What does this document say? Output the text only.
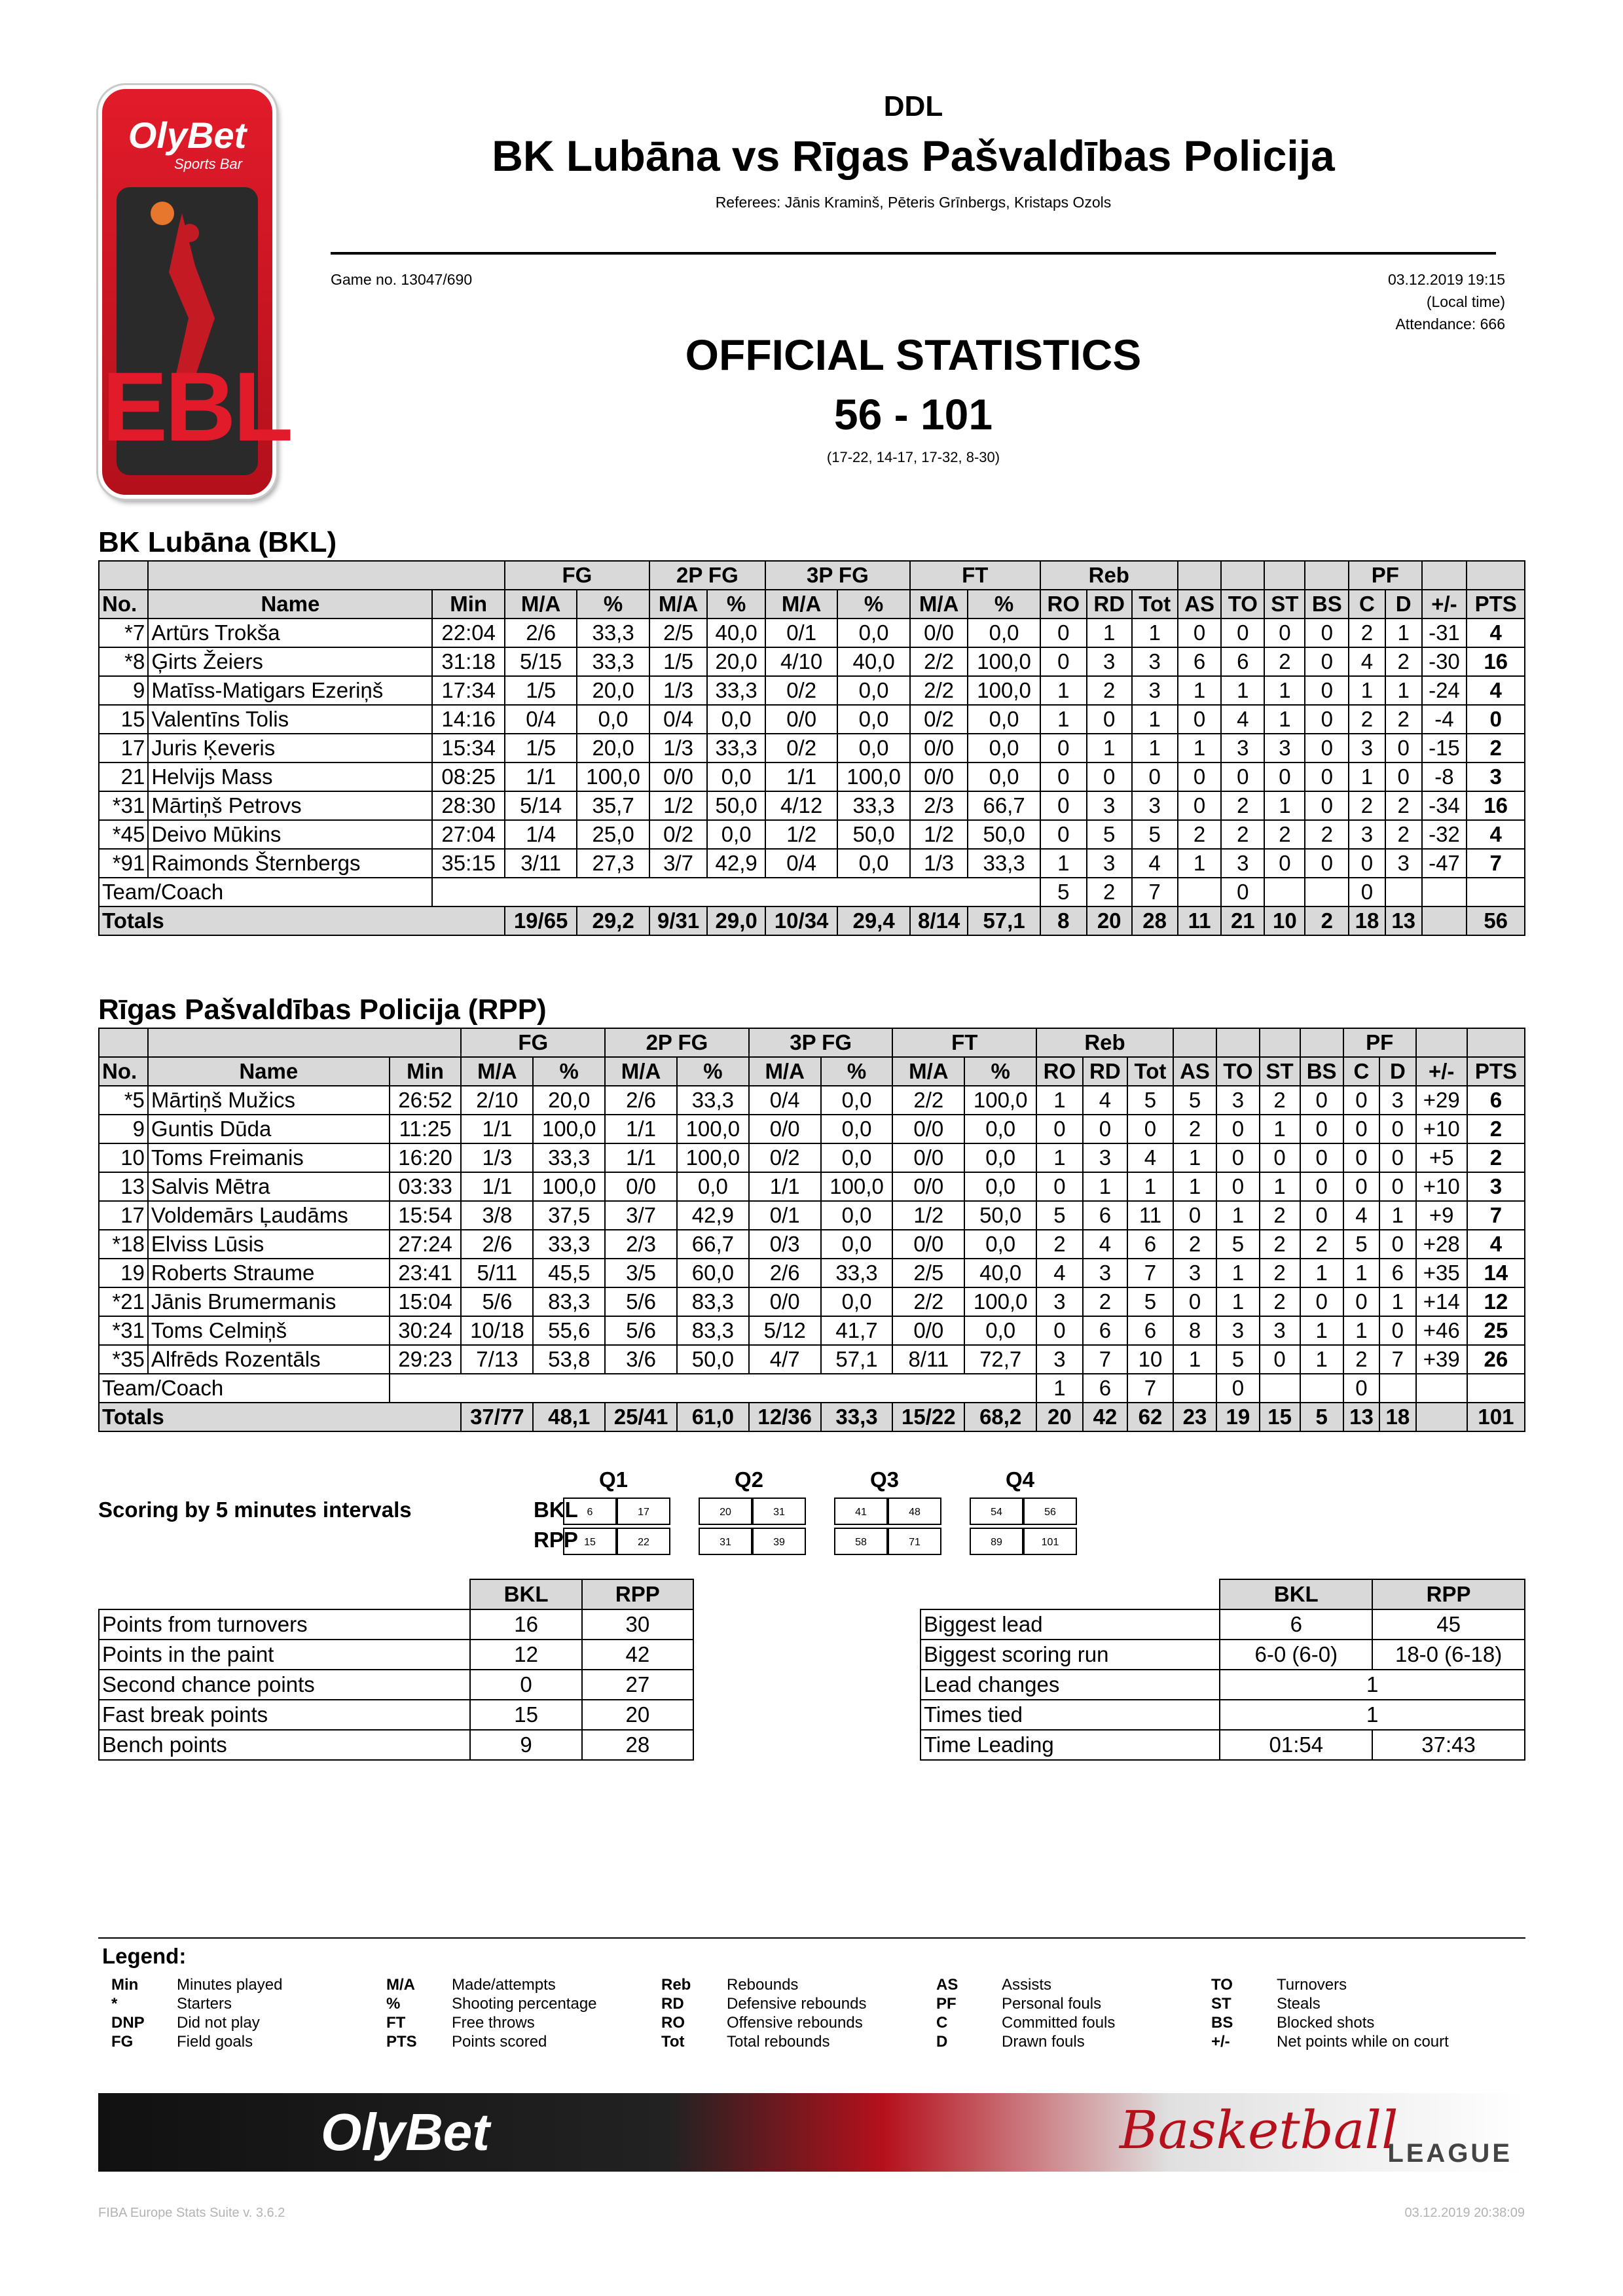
OlyBet
Sports Bar
EBL
DDL
BK Lubāna vs Rīgas Pašvaldības Policija
Referees: Jānis Kraminš, Pēteris Grīnbergs, Kristaps Ozols
Game no. 13047/690	03.12.2019 19:15
(Local time)
Attendance: 666
OFFICIAL STATISTICS
56 - 101
(17-22, 14-17, 17-32, 8-30)
BK Lubāna (BKL)
			FG		2P FG		3P FG		FT		Reb							PF			
No.	Name	Min	M/A	%	M/A	%	M/A	%	M/A	%	RO	RD	Tot	AS	TO	ST	BS	C	D	+/-	PTS
*7	Artūrs Trokša	22:04	2/6	33,3	2/5	40,0	0/1	0,0	0/0	0,0	0	1	1	0	0	0	0	2	1	-31	4
*8	Ģirts Žeiers	31:18	5/15	33,3	1/5	20,0	4/10	40,0	2/2	100,0	0	3	3	6	6	2	0	4	2	-30	16
9	Matīss-Matigars Ezeriņš	17:34	1/5	20,0	1/3	33,3	0/2	0,0	2/2	100,0	1	2	3	1	1	1	0	1	1	-24	4
15	Valentīns Tolis	14:16	0/4	0,0	0/4	0,0	0/0	0,0	0/2	0,0	1	0	1	0	4	1	0	2	2	-4	0
17	Juris Ķeveris	15:34	1/5	20,0	1/3	33,3	0/2	0,0	0/0	0,0	0	1	1	1	3	3	0	3	0	-15	2
21	Helvijs Mass	08:25	1/1	100,0	0/0	0,0	1/1	100,0	0/0	0,0	0	0	0	0	0	0	0	1	0	-8	3
*31	Mārtiņš Petrovs	28:30	5/14	35,7	1/2	50,0	4/12	33,3	2/3	66,7	0	3	3	0	2	1	0	2	2	-34	16
*45	Deivo Mūkins	27:04	1/4	25,0	0/2	0,0	1/2	50,0	1/2	50,0	0	5	5	2	2	2	2	3	2	-32	4
*91	Raimonds Šternbergs	35:15	3/11	27,3	3/7	42,9	0/4	0,0	1/3	33,3	1	3	4	1	3	0	0	0	3	-47	7
Team/Coach											5	2	7		0			0			
Totals			19/65	29,2	9/31	29,0	10/34	29,4	8/14	57,1	8	20	28	11	21	10	2	18	13		56
Rīgas Pašvaldības Policija (RPP)
			FG		2P FG		3P FG		FT		Reb							PF			
No.	Name	Min	M/A	%	M/A	%	M/A	%	M/A	%	RO	RD	Tot	AS	TO	ST	BS	C	D	+/-	PTS
*5	Mārtiņš Mužics	26:52	2/10	20,0	2/6	33,3	0/4	0,0	2/2	100,0	1	4	5	5	3	2	0	0	3	+29	6
9	Guntis Dūda	11:25	1/1	100,0	1/1	100,0	0/0	0,0	0/0	0,0	0	0	0	2	0	1	0	0	0	+10	2
10	Toms Freimanis	16:20	1/3	33,3	1/1	100,0	0/2	0,0	0/0	0,0	1	3	4	1	0	0	0	0	0	+5	2
13	Salvis Mētra	03:33	1/1	100,0	0/0	0,0	1/1	100,0	0/0	0,0	0	1	1	1	0	1	0	0	0	+10	3
17	Voldemārs Ļaudāms	15:54	3/8	37,5	3/7	42,9	0/1	0,0	1/2	50,0	5	6	11	0	1	2	0	4	1	+9	7
*18	Elviss Lūsis	27:24	2/6	33,3	2/3	66,7	0/3	0,0	0/0	0,0	2	4	6	2	5	2	2	5	0	+28	4
19	Roberts Straume	23:41	5/11	45,5	3/5	60,0	2/6	33,3	2/5	40,0	4	3	7	3	1	2	1	1	6	+35	14
*21	Jānis Brumermanis	15:04	5/6	83,3	5/6	83,3	0/0	0,0	2/2	100,0	3	2	5	0	1	2	0	0	1	+14	12
*31	Toms Celmiņš	30:24	10/18	55,6	5/6	83,3	5/12	41,7	0/0	0,0	0	6	6	8	3	3	1	1	0	+46	25
*35	Alfrēds Rozentāls	29:23	7/13	53,8	3/6	50,0	4/7	57,1	8/11	72,7	3	7	10	1	5	0	1	2	7	+39	26
Team/Coach											1	6	7		0			0			
Totals			37/77	48,1	25/41	61,0	12/36	33,3	15/22	68,2	20	42	62	23	19	15	5	13	18		101
Scoring by 5 minutes intervals
Q1	Q2	Q3	Q4
BKL 6	17	20	31	41	48	54	56
RPP 15	22	31	39	58	71	89	101
	BKL	RPP
Points from turnovers	16	30
Points in the paint	12	42
Second chance points	0	27
Fast break points	15	20
Bench points	9	28
	BKL	RPP
Biggest lead	6	45
Biggest scoring run	6-0 (6-0)	18-0 (6-18)
Lead changes	1	
Times tied	1	
Time Leading	01:54	37:43
Legend:
Min Minutes played
*	Starters
DNP Did not play
FG	Field goals
M/A Made/attempts
%	Shooting percentage
FT	Free throws
PTS Points scored
Reb Rebounds
RD	Defensive rebounds
RO	Offensive rebounds
Tot	Total rebounds
AS	Assists
PF	Personal fouls
C	Committed fouls
D	Drawn fouls
TO	Turnovers
ST	Steals
BS	Blocked shots
+/-	Net points while on court
OlyBet	Basketball
LEAGUE
FIBA Europe Stats Suite v. 3.6.2	03.12.2019 20:38:09
